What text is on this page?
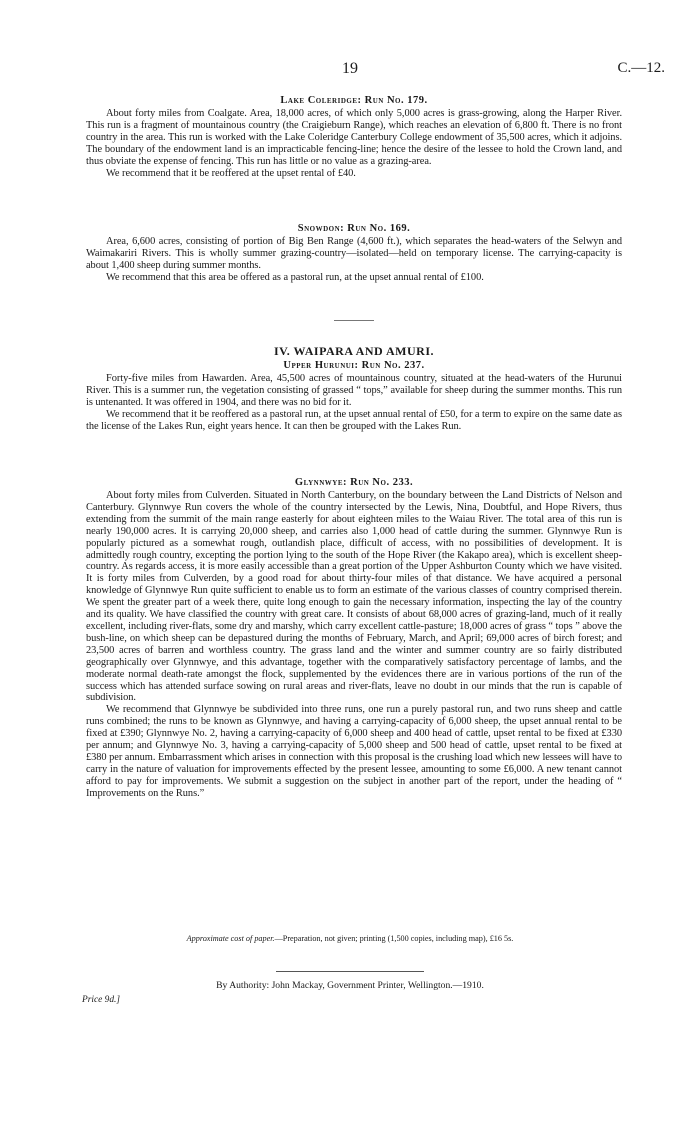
19	C.—12.
Lake Coleridge: Run No. 179.

About forty miles from Coalgate. Area, 18,000 acres, of which only 5,000 acres is grass-growing, along the Harper River. This run is a fragment of mountainous country (the Craigieburn Range), which reaches an elevation of 6,800 ft. There is no front country in the area. This run is worked with the Lake Coleridge Canterbury College endowment of 35,500 acres, which it adjoins. The boundary of the endowment land is an impracticable fencing-line; hence the desire of the lessee to hold the Crown land, and thus obviate the expense of fencing. This run has little or no value as a grazing-area.

We recommend that it be reoffered at the upset rental of £40.

Snowdon: Run No. 169.

Area, 6,600 acres, consisting of portion of Big Ben Range (4,600 ft.), which separates the head-waters of the Selwyn and Waimakariri Rivers. This is wholly summer grazing-country—isolated—held on temporary license. The carrying-capacity is about 1,400 sheep during summer months.

We recommend that this area be offered as a pastoral run, at the upset annual rental of £100.

IV. WAIPARA AND AMURI.
Upper Hurunui: Run No. 237.

Forty-five miles from Hawarden. Area, 45,500 acres of mountainous country, situated at the head-waters of the Hurunui River. This is a summer run, the vegetation consisting of grassed “ tops,” available for sheep during the summer months. This run is untenanted. It was offered in 1904, and there was no bid for it.

We recommend that it be reoffered as a pastoral run, at the upset annual rental of £50, for a term to expire on the same date as the license of the Lakes Run, eight years hence. It can then be grouped with the Lakes Run.

Glynnwye: Run No. 233.

About forty miles from Culverden. Situated in North Canterbury, on the boundary between the Land Districts of Nelson and Canterbury. Glynnwye Run covers the whole of the country intersected by the Lewis, Nina, Doubtful, and Hope Rivers, thus extending from the summit of the main range easterly for about eighteen miles to the Waiau River. The total area of this run is nearly 190,000 acres. It is carrying 20,000 sheep, and carries also 1,000 head of cattle during the summer. Glynnwye Run is popularly pictured as a somewhat rough, outlandish place, difficult of access, with no possibilities of development. It is admittedly rough country, excepting the portion lying to the south of the Hope River (the Kakapo area), which is excellent sheep-country. As regards access, it is more easily accessible than a great portion of the Upper Ashburton County which we have visited. It is forty miles from Culverden, by a good road for about thirty-four miles of that distance. We have acquired a personal knowledge of Glynnwye Run quite sufficient to enable us to form an estimate of the various classes of country comprised therein. We spent the greater part of a week there, quite long enough to gain the necessary information, inspecting the lay of the country and its quality. We have classified the country with great care. It consists of about 68,000 acres of grazing-land, much of it really excellent, including river-flats, some dry and marshy, which carry excellent cattle-pasture; 18,000 acres of grass “ tops ” above the bush-line, on which sheep can be depastured during the months of February, March, and April; 69,000 acres of birch forest; and 23,500 acres of barren and worthless country. The grass land and the winter and summer country are so fairly distributed geographically over Glynnwye, and this advantage, together with the comparatively satisfactory percentage of lambs, and the moderate normal death-rate amongst the flock, supplemented by the evidences there are in various portions of the run of the success which has attended surface sowing on rural areas and river-flats, leave no doubt in our minds that the run is capable of subdivision.

We recommend that Glynnwye be subdivided into three runs, one run a purely pastoral run, and two runs sheep and cattle runs combined; the runs to be known as Glynnwye, and having a carrying-capacity of 6,000 sheep, the upset annual rental to be fixed at £390; Glynnwye No. 2, having a carrying-capacity of 6,000 sheep and 400 head of cattle, upset rental to be fixed at £330 per annum; and Glynnwye No. 3, having a carrying-capacity of 5,000 sheep and 500 head of cattle, upset rental to be fixed at £380 per annum. Embarrassment which arises in connection with this proposal is the crushing load which new lessees will have to carry in the nature of valuation for improvements effected by the present lessee, amounting to some £6,000. A new tenant cannot afford to pay for improvements. We submit a suggestion on the subject in another part of the report, under the heading of “ Improvements on the Runs.”

Approximate cost of paper.—Preparation, not given; printing (1,500 copies, including map), £16 5s.
By Authority: John Mackay, Government Printer, Wellington.—1910.
Price 9d.]
